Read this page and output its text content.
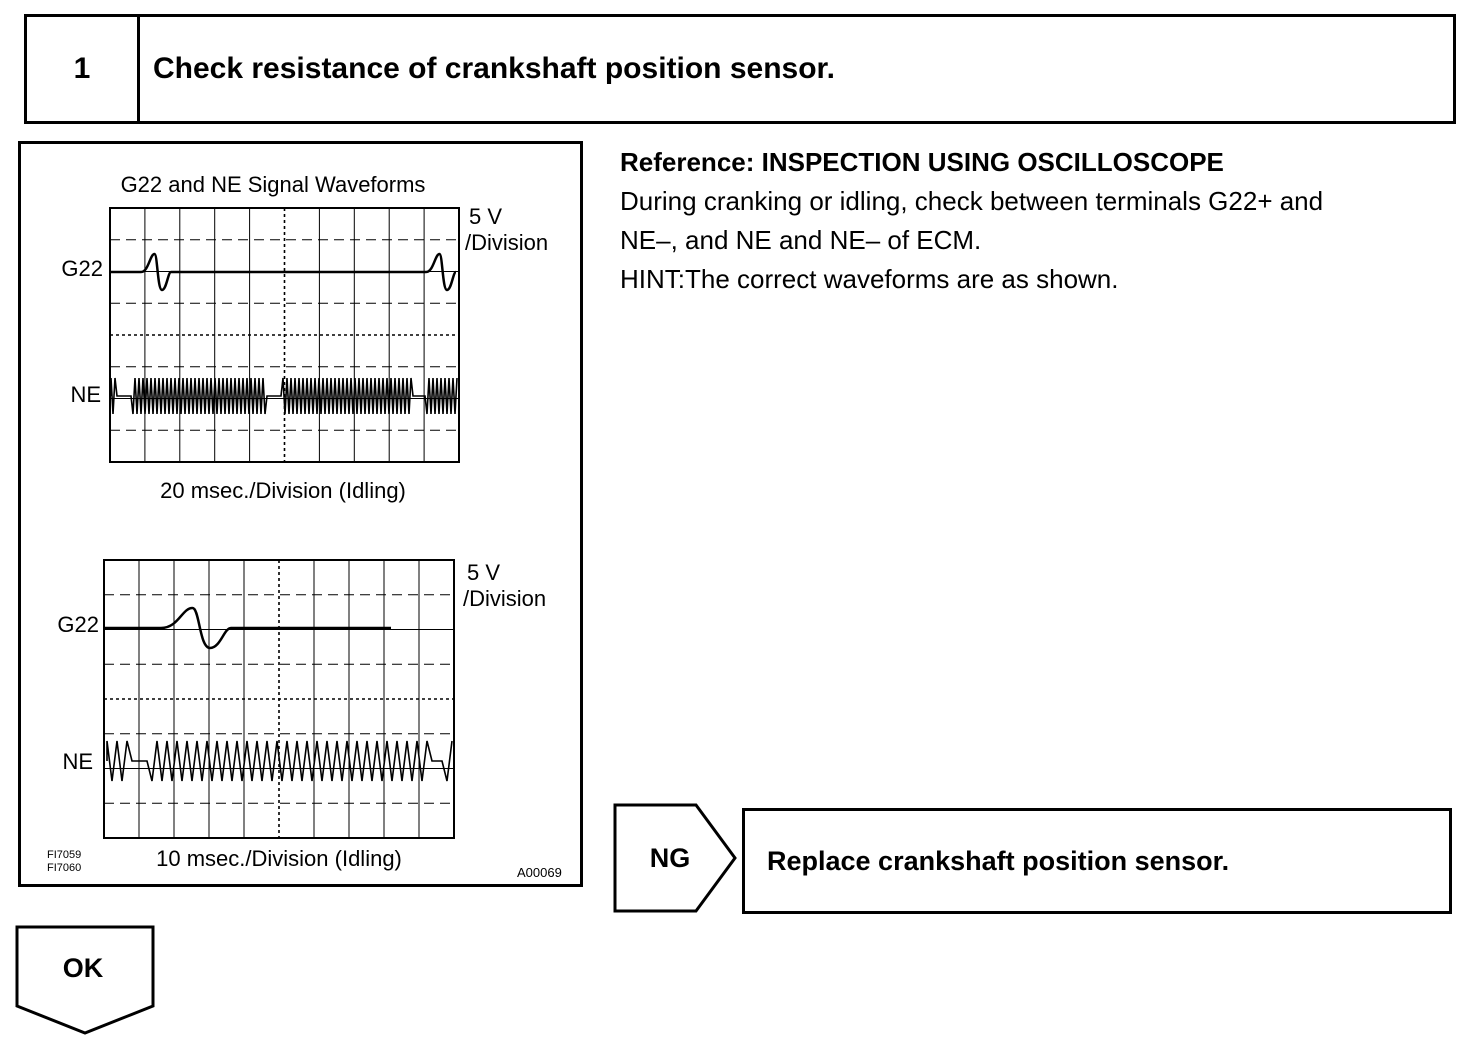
1	Check resistance of crankshaft position sensor.
G22 and NE Signal Waveforms
G22
NE
5 V
/Division
20 msec./Division (Idling)
G22
NE
5 V
/Division
10 msec./Division (Idling)
FI7059
FI7060	A00069
Reference: INSPECTION USING OSCILLOSCOPE

During cranking or idling, check between terminals G22+ and

NE–, and NE and NE– of ECM.

HINT:The correct waveforms are as shown.

NG	Replace crankshaft position sensor.
OK
